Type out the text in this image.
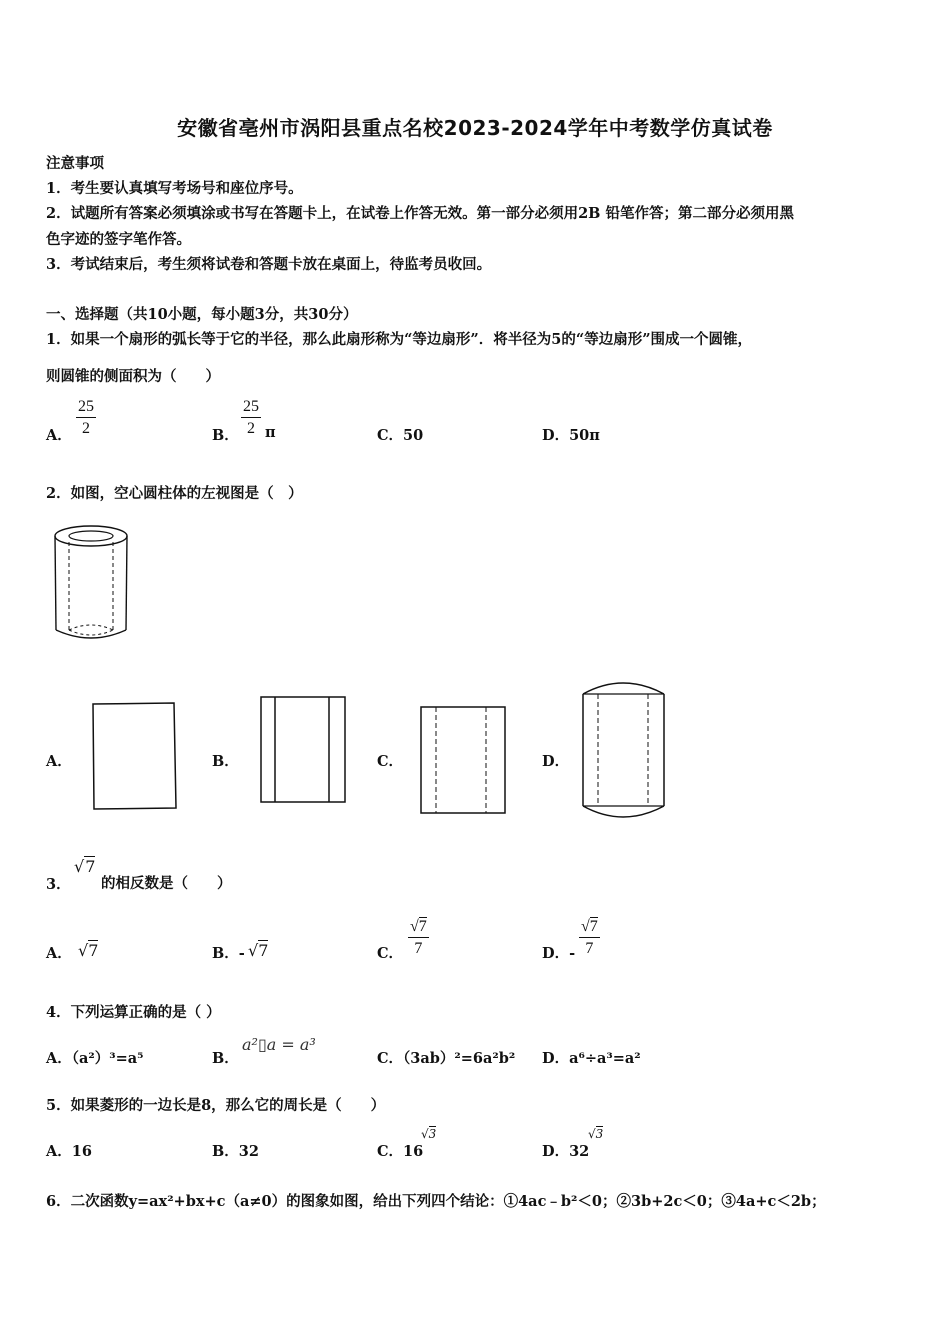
安徽省亳州市涡阳县重点名校2023-2024学年中考数学仿真试卷
注意事项
1．考生要认真填写考场号和座位序号。
2．试题所有答案必须填涂或书写在答题卡上，在试卷上作答无效。第一部分必须用2B 铅笔作答；第二部分必须用黑
色字迹的签字笔作答。
3．考试结束后，考生须将试卷和答题卡放在桌面上，待监考员收回。
一、选择题（共10小题，每小题3分，共30分）
1．如果一个扇形的弧长等于它的半径，那么此扇形称为“等边扇形”．将半径为5的“等边扇形”围成一个圆锥，
则圆锥的侧面积为（　　）
A． $\frac{25}{2}$	B． $\frac{25}{2}$ π	C．50	D．50π
2．如图，空心圆柱体的左视图是（　）
A．	B．	C．	D．
3．
√7
的相反数是（　　）
A． √7	B．- √7	C． $\frac{√7}{7}$	D．- $\frac{√7}{7}$
4．下列运算正确的是（ ）
A．（a²）³=a⁵	B．
a²▯a = a³
C．（3ab）²=6a²b² D．a⁶÷a³=a²
5．如果菱形的一边长是8，那么它的周长是（　　）
A．16	B．32	C．16
√3
D．32
√3
6．二次函数y=ax²+bx+c（a≠0）的图象如图，给出下列四个结论：①4ac﹣b²＜0；②3b+2c＜0；③4a+c＜2b；
